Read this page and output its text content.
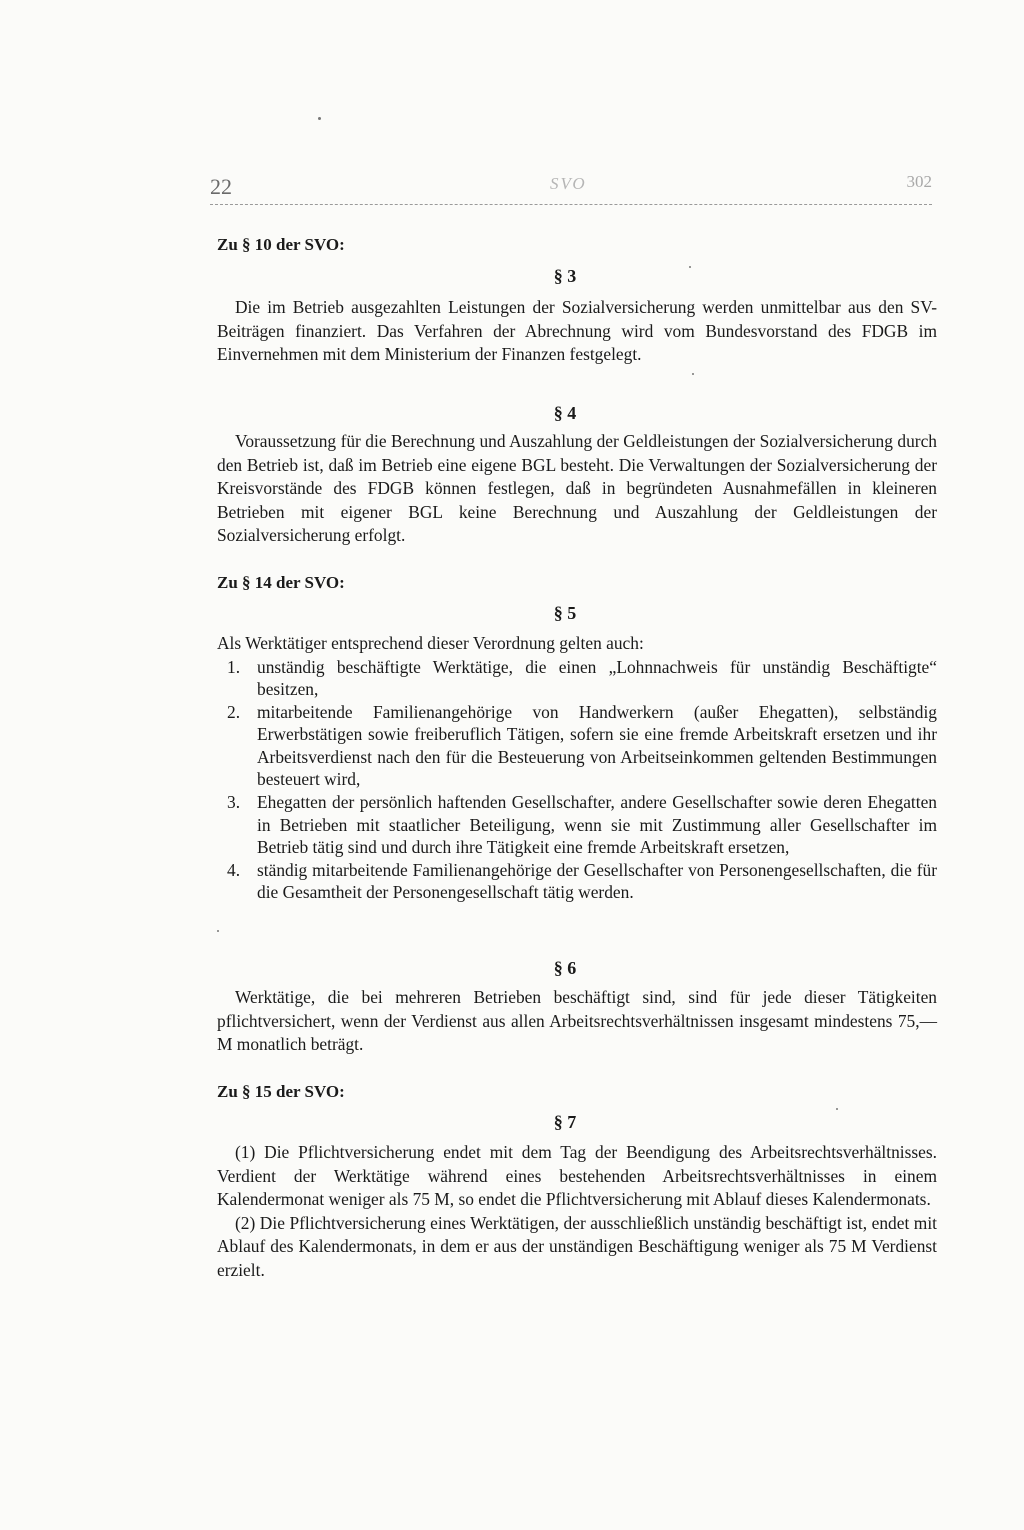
22	SVO	302
Zu § 10 der SVO:
§ 3

Die im Betrieb ausgezahlten Leistungen der Sozialversicherung werden unmittelbar aus den SV-Beiträgen finanziert. Das Verfahren der Abrechnung wird vom Bundesvorstand des FDGB im Einvernehmen mit dem Ministerium der Finanzen festgelegt.

§ 4

Voraussetzung für die Berechnung und Auszahlung der Geldleistungen der Sozialversicherung durch den Betrieb ist, daß im Betrieb eine eigene BGL besteht. Die Verwaltungen der Sozialversicherung der Kreisvorstände des FDGB können festlegen, daß in begründeten Ausnahmefällen in kleineren Betrieben mit eigener BGL keine Berechnung und Auszahlung der Geldleistungen der Sozialversicherung erfolgt.

Zu § 14 der SVO:
§ 5

Als Werktätiger entsprechend dieser Verordnung gelten auch:

1. unständig beschäftigte Werktätige, die einen „Lohnnachweis für unständig Beschäftigte“ besitzen,
2. mitarbeitende Familienangehörige von Handwerkern (außer Ehegatten), selbständig Erwerbstätigen sowie freiberuflich Tätigen, sofern sie eine fremde Arbeitskraft ersetzen und ihr Arbeitsverdienst nach den für die Besteuerung von Arbeitseinkommen geltenden Bestimmungen besteuert wird,
3. Ehegatten der persönlich haftenden Gesellschafter, andere Gesellschafter sowie deren Ehegatten in Betrieben mit staatlicher Beteiligung, wenn sie mit Zustimmung aller Gesellschafter im Betrieb tätig sind und durch ihre Tätigkeit eine fremde Arbeitskraft ersetzen,
4. ständig mitarbeitende Familienangehörige der Gesellschafter von Personengesellschaften, die für die Gesamtheit der Personengesellschaft tätig werden.
§ 6

Werktätige, die bei mehreren Betrieben beschäftigt sind, sind für jede dieser Tätigkeiten pflichtversichert, wenn der Verdienst aus allen Arbeitsrechtsverhältnissen insgesamt mindestens 75,— M monatlich beträgt.

Zu § 15 der SVO:
§ 7

(1) Die Pflichtversicherung endet mit dem Tag der Beendigung des Arbeitsrechtsverhältnisses. Verdient der Werktätige während eines bestehenden Arbeitsrechtsverhältnisses in einem Kalendermonat weniger als 75 M, so endet die Pflichtversicherung mit Ablauf dieses Kalendermonats.

(2) Die Pflichtversicherung eines Werktätigen, der ausschließlich unständig beschäftigt ist, endet mit Ablauf des Kalendermonats, in dem er aus der unständigen Beschäftigung weniger als 75 M Verdienst erzielt.
